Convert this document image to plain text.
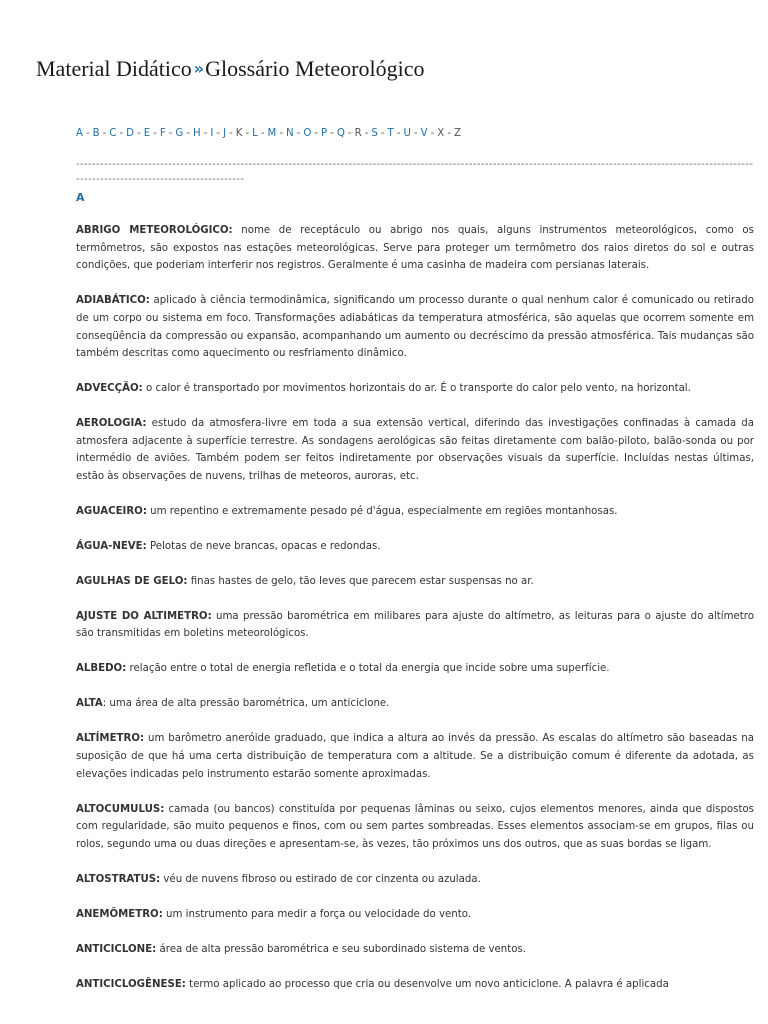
Material Didático » Glossário Meteorológico
A - B - C - D - E - F - G - H - I - J - K - L - M - N - O - P - Q - R - S - T - U - V - X - Z
-------------------------------------------------------------------------------------------------------------------------------------------------------------------------------------------------------------------
A

ABRIGO METEOROLÓGICO: nome de receptáculo ou abrigo nos quais, alguns instrumentos meteorológicos, como os termômetros, são expostos nas estações meteorológicas. Serve para proteger um termômetro dos raios diretos do sol e outras condições, que poderiam interferir nos registros. Geralmente é uma casinha de madeira com persianas laterais.

ADIABÁTICO: aplicado à ciência termodinâmica, significando um processo durante o qual nenhum calor é comunicado ou retirado de um corpo ou sistema em foco. Transformações adiabáticas da temperatura atmosférica, são aquelas que ocorrem somente em conseqüência da compressão ou expansão, acompanhando um aumento ou decréscimo da pressão atmosférica. Tais mudanças são também descritas como aquecimento ou resfriamento dinâmico.

ADVECÇÃO: o calor é transportado por movimentos horizontais do ar. É o transporte do calor pelo vento, na horizontal.

AEROLOGIA: estudo da atmosfera-livre em toda a sua extensão vertical, diferindo das investigações confinadas à camada da atmosfera adjacente à superfície terrestre. As sondagens aerológicas são feitas diretamente com balão-piloto, balão-sonda ou por intermédio de aviões. Também podem ser feitos indiretamente por observações visuais da superfície. Incluídas nestas últimas, estão às observações de nuvens, trilhas de meteoros, auroras, etc.

AGUACEIRO: um repentino e extremamente pesado pé d'água, especialmente em regiões montanhosas.

ÁGUA-NEVE: Pelotas de neve brancas, opacas e redondas.

AGULHAS DE GELO: finas hastes de gelo, tão leves que parecem estar suspensas no ar.

AJUSTE DO ALTIMETRO: uma pressão barométrica em milibares para ajuste do altímetro, as leituras para o ajuste do altímetro são transmitidas em boletins meteorológicos.

ALBEDO: relação entre o total de energia refletida e o total da energia que incide sobre uma superfície.

ALTA: uma área de alta pressão barométrica, um anticiclone.

ALTÍMETRO: um barômetro aneróide graduado, que indica a altura ao invés da pressão. As escalas do altímetro são baseadas na suposição de que há uma certa distribuição de temperatura com a altitude. Se a distribuição comum é diferente da adotada, as elevações indicadas pelo instrumento estarão somente aproximadas.

ALTOCUMULUS: camada (ou bancos) constituída por pequenas lâminas ou seixo, cujos elementos menores, ainda que dispostos com regularidade, são muito pequenos e finos, com ou sem partes sombreadas. Esses elementos associam-se em grupos, filas ou rolos, segundo uma ou duas direções e apresentam-se, às vezes, tão próximos uns dos outros, que as suas bordas se ligam.

ALTOSTRATUS: véu de nuvens fibroso ou estirado de cor cinzenta ou azulada.

ANEMÔMETRO: um instrumento para medir a força ou velocidade do vento.

ANTICICLONE: área de alta pressão barométrica e seu subordinado sistema de ventos.

ANTICICLOGÊNESE: termo aplicado ao processo que cria ou desenvolve um novo anticiclone. A palavra é aplicada
